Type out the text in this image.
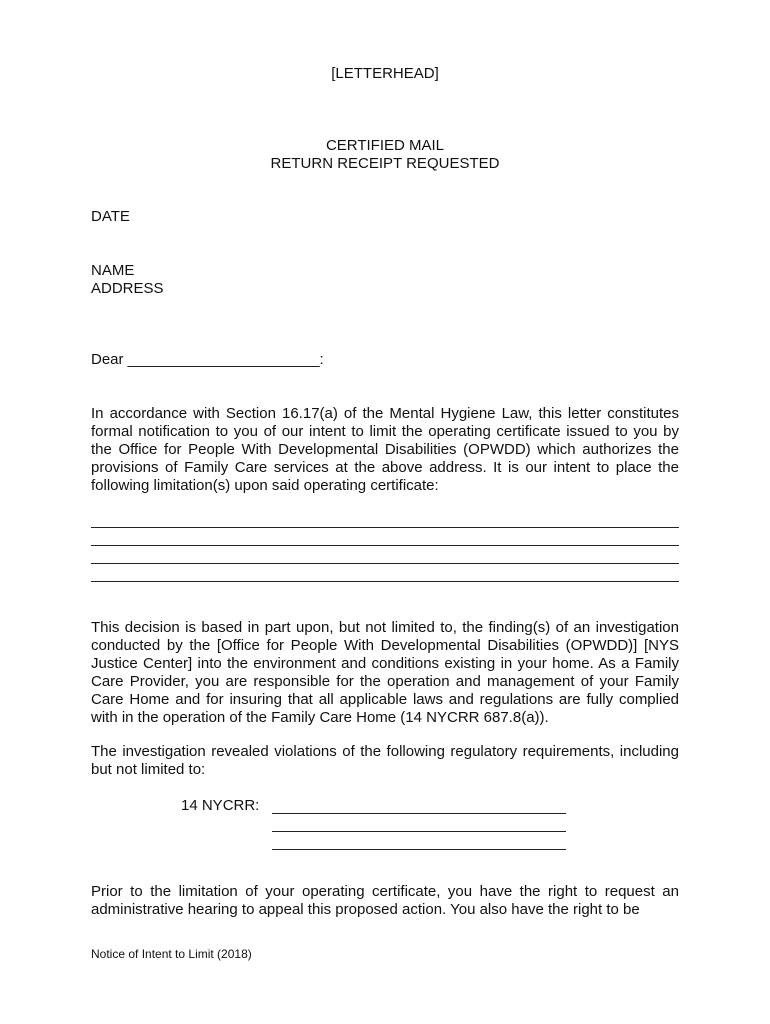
[LETTERHEAD]
CERTIFIED MAIL
RETURN RECEIPT REQUESTED
DATE
NAME
ADDRESS
Dear _______________________:
In accordance with Section 16.17(a) of the Mental Hygiene Law, this letter constitutes formal notification to you of our intent to limit the operating certificate issued to you by the Office for People With Developmental Disabilities (OPWDD) which authorizes the provisions of Family Care services at the above address. It is our intent to place the following limitation(s) upon said operating certificate:
This decision is based in part upon, but not limited to, the finding(s) of an investigation conducted by the [Office for People With Developmental Disabilities (OPWDD)] [NYS Justice Center] into the environment and conditions existing in your home. As a Family Care Provider, you are responsible for the operation and management of your Family Care Home and for insuring that all applicable laws and regulations are fully complied with in the operation of the Family Care Home (14 NYCRR 687.8(a)).
The investigation revealed violations of the following regulatory requirements, including but not limited to:
14 NYCRR:
Prior to the limitation of your operating certificate, you have the right to request an administrative hearing to appeal this proposed action. You also have the right to be
Notice of Intent to Limit (2018)
